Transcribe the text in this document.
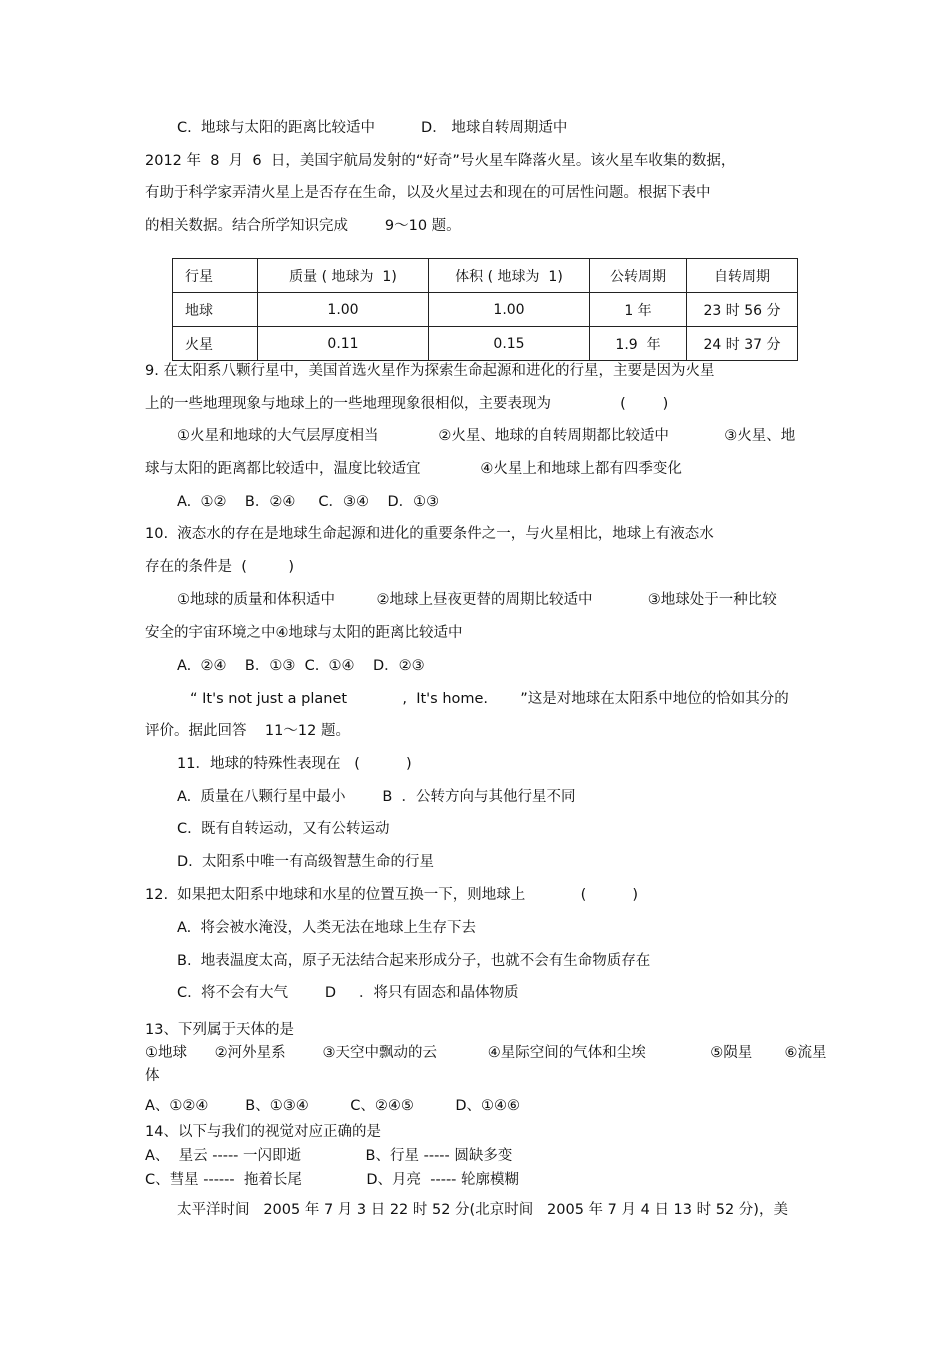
C.  地球与太阳的距离比较适中          D． 地球自转周期适中
2012 年  8  月  6  日，美国宇航局发射的“好奇”号火星车降落火星。该火星车收集的数据，
有助于科学家弄清火星上是否存在生命，以及火星过去和现在的可居性问题。根据下表中
的相关数据。结合所学知识完成        9～10 题。
行星	质量 ( 地球为  1)	体积 ( 地球为  1)	公转周期	自转周期
地球	1.00	1.00	1 年	23 时 56 分
火星	0.11	0.15	1.9  年	24 时 37 分
9. 在太阳系八颗行星中，美国首选火星作为探索生命起源和进化的行星，主要是因为火星
上的一些地理现象与地球上的一些地理现象很相似，主要表现为               (        )
①火星和地球的大气层厚度相当             ②火星、地球的自转周期都比较适中            ③火星、地
球与太阳的距离都比较适中，温度比较适宜             ④火星上和地球上都有四季变化
A.  ①②    B．②④     C．③④    D．①③
10.  液态水的存在是地球生命起源和进化的重要条件之一，与火星相比，地球上有液态水
存在的条件是  (         )
①地球的质量和体积适中         ②地球上昼夜更替的周期比较适中            ③地球处于一种比较
安全的宇宙环境之中④地球与太阳的距离比较适中
A.  ②④    B．①③  C.  ①④    D．②③
“ It's not just a planet            ,  It's home.       ”这是对地球在太阳系中地位的恰如其分的
评价。据此回答    11～12 题。
11．地球的特殊性表现在   (          )
A.  质量在八颗行星中最小        B  ．公转方向与其他行星不同
C.  既有自转运动，又有公转运动
D.  太阳系中唯一有高级智慧生命的行星
12.  如果把太阳系中地球和水星的位置互换一下，则地球上            (          )
A.  将会被水淹没，人类无法在地球上生存下去
B.  地表温度太高，原子无法结合起来形成分子，也就不会有生命物质存在
C.  将不会有大气        D     ．将只有固态和晶体物质
13、下列属于天体的是
①地球      ②河外星系        ③天空中飘动的云           ④星际空间的气体和尘埃              ⑤陨星       ⑥流星
体
A、①②④        B、①③④         C、②④⑤         D、①④⑥
14、以下与我们的视觉对应正确的是
A、  星云 ----- 一闪即逝              B、行星 ----- 圆缺多变
C、彗星 ------  拖着长尾              D、月亮  ----- 轮廓模糊
太平洋时间   2005 年 7 月 3 日 22 时 52 分(北京时间   2005 年 7 月 4 日 13 时 52 分)，美
